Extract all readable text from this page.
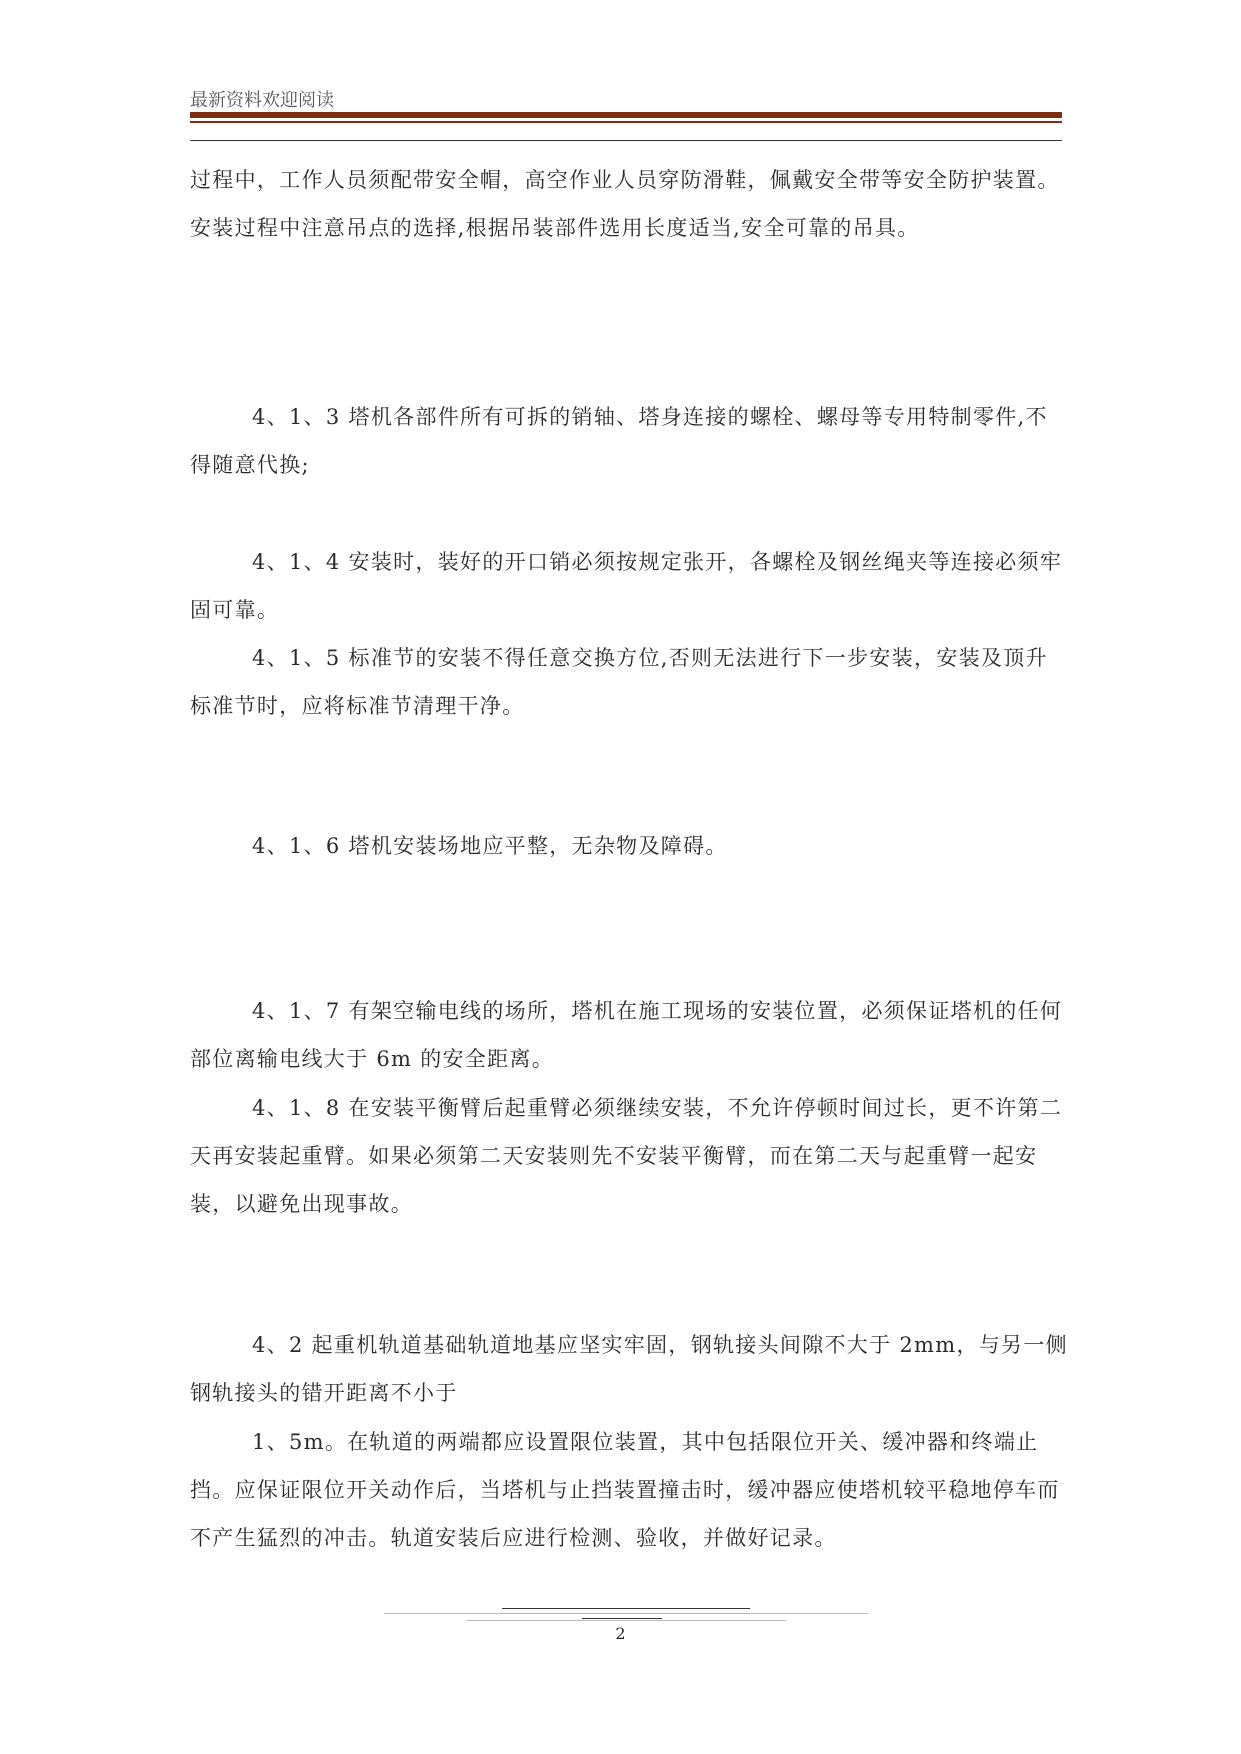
最新资料欢迎阅读

过程中，工作人员须配带安全帽，高空作业人员穿防滑鞋，佩戴安全带等安全防护装置。安装过程中注意吊点的选择,根据吊装部件选用长度适当,安全可靠的吊具。

4、1、3 塔机各部件所有可拆的销轴、塔身连接的螺栓、螺母等专用特制零件,不得随意代换;

4、1、4 安装时，装好的开口销必须按规定张开，各螺栓及钢丝绳夹等连接必须牢固可靠。

4、1、5 标准节的安装不得任意交换方位,否则无法进行下一步安装，安装及顶升标准节时，应将标准节清理干净。

4、1、6 塔机安装场地应平整，无杂物及障碍。

4、1、7 有架空输电线的场所，塔机在施工现场的安装位置，必须保证塔机的任何部位离输电线大于 6m 的安全距离。

4、1、8 在安装平衡臂后起重臂必须继续安装，不允许停顿时间过长，更不许第二天再安装起重臂。如果必须第二天安装则先不安装平衡臂，而在第二天与起重臂一起安装，以避免出现事故。

4、2 起重机轨道基础轨道地基应坚实牢固，钢轨接头间隙不大于 2mm，与另一侧钢轨接头的错开距离不小于

1、5m。在轨道的两端都应设置限位装置，其中包括限位开关、缓冲器和终端止挡。应保证限位开关动作后，当塔机与止挡装置撞击时，缓冲器应使塔机较平稳地停车而不产生猛烈的冲击。轨道安装后应进行检测、验收，并做好记录。

2
